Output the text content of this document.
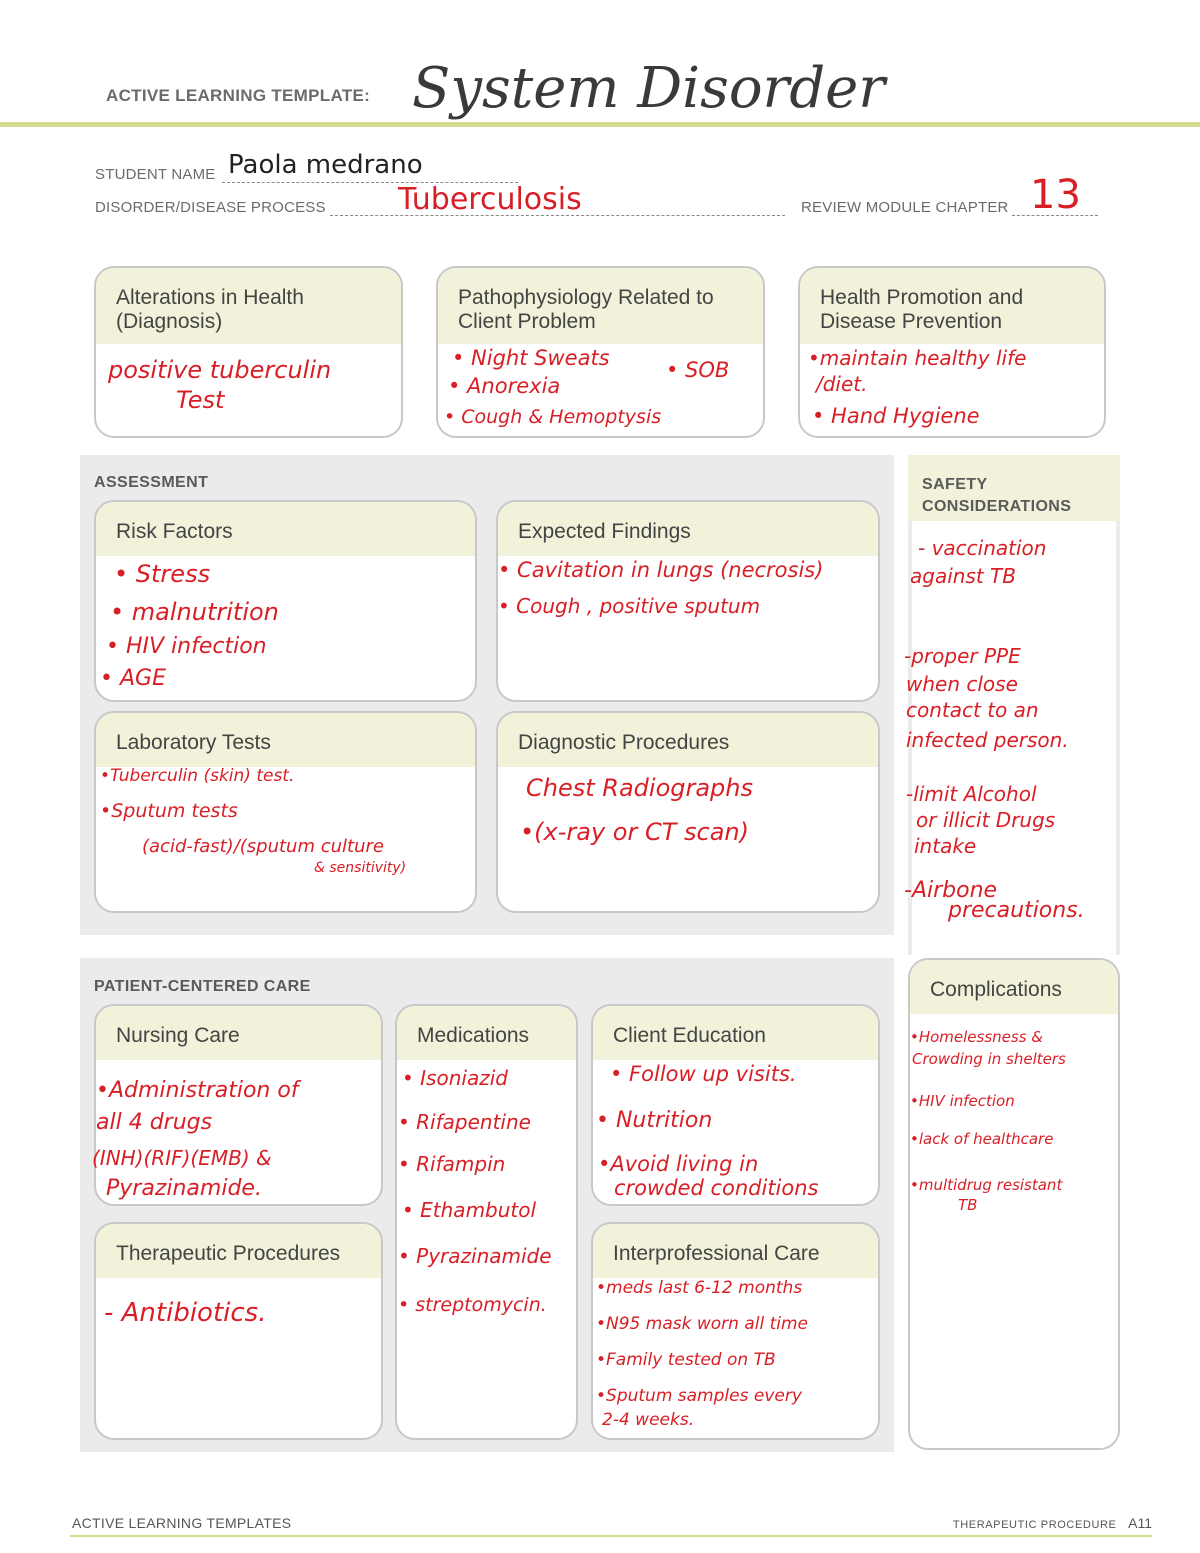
ACTIVE LEARNING TEMPLATE: System Disorder
STUDENT NAME Paola medrano
DISORDER/DISEASE PROCESS Tuberculosis	REVIEW MODULE CHAPTER 13
Alterations in Health (Diagnosis)
positive tuberculin
Test
Pathophysiology Related to Client Problem
• Night Sweats	• SOB
• Anorexia
• Cough & Hemoptysis
Health Promotion and Disease Prevention
•maintain healthy life
/diet.
• Hand Hygiene
ASSESSMENT
Risk Factors
• Stress
• malnutrition
• HIV infection
• AGE
Expected Findings
• Cavitation in lungs (necrosis)
• Cough , positive sputum
Laboratory Tests
•Tuberculin (skin) test.
•Sputum tests
(acid-fast)/(sputum culture
& sensitivity)
Diagnostic Procedures
Chest Radiographs
•(x-ray or CT scan)
SAFETY CONSIDERATIONS
- vaccination
against TB
-proper PPE
when close
contact to an
infected person.
-limit Alcohol
or illicit Drugs
intake
-Airbone
precautions.
PATIENT-CENTERED CARE
Nursing Care
•Administration of
all 4 drugs
(INH)(RIF)(EMB) &
Pyrazinamide.
Medications
• Isoniazid
• Rifapentine
• Rifampin
• Ethambutol
• Pyrazinamide
• streptomycin.
Client Education
• Follow up visits.
• Nutrition
•Avoid living in
crowded conditions
Therapeutic Procedures
- Antibiotics.
Interprofessional Care
•meds last 6-12 months
•N95 mask worn all time
•Family tested on TB
•Sputum samples every
2-4 weeks.
Complications
•Homelessness &
Crowding in shelters
•HIV infection
•lack of healthcare
•multidrug resistant
TB
ACTIVE LEARNING TEMPLATES	THERAPEUTIC PROCEDURE A11
